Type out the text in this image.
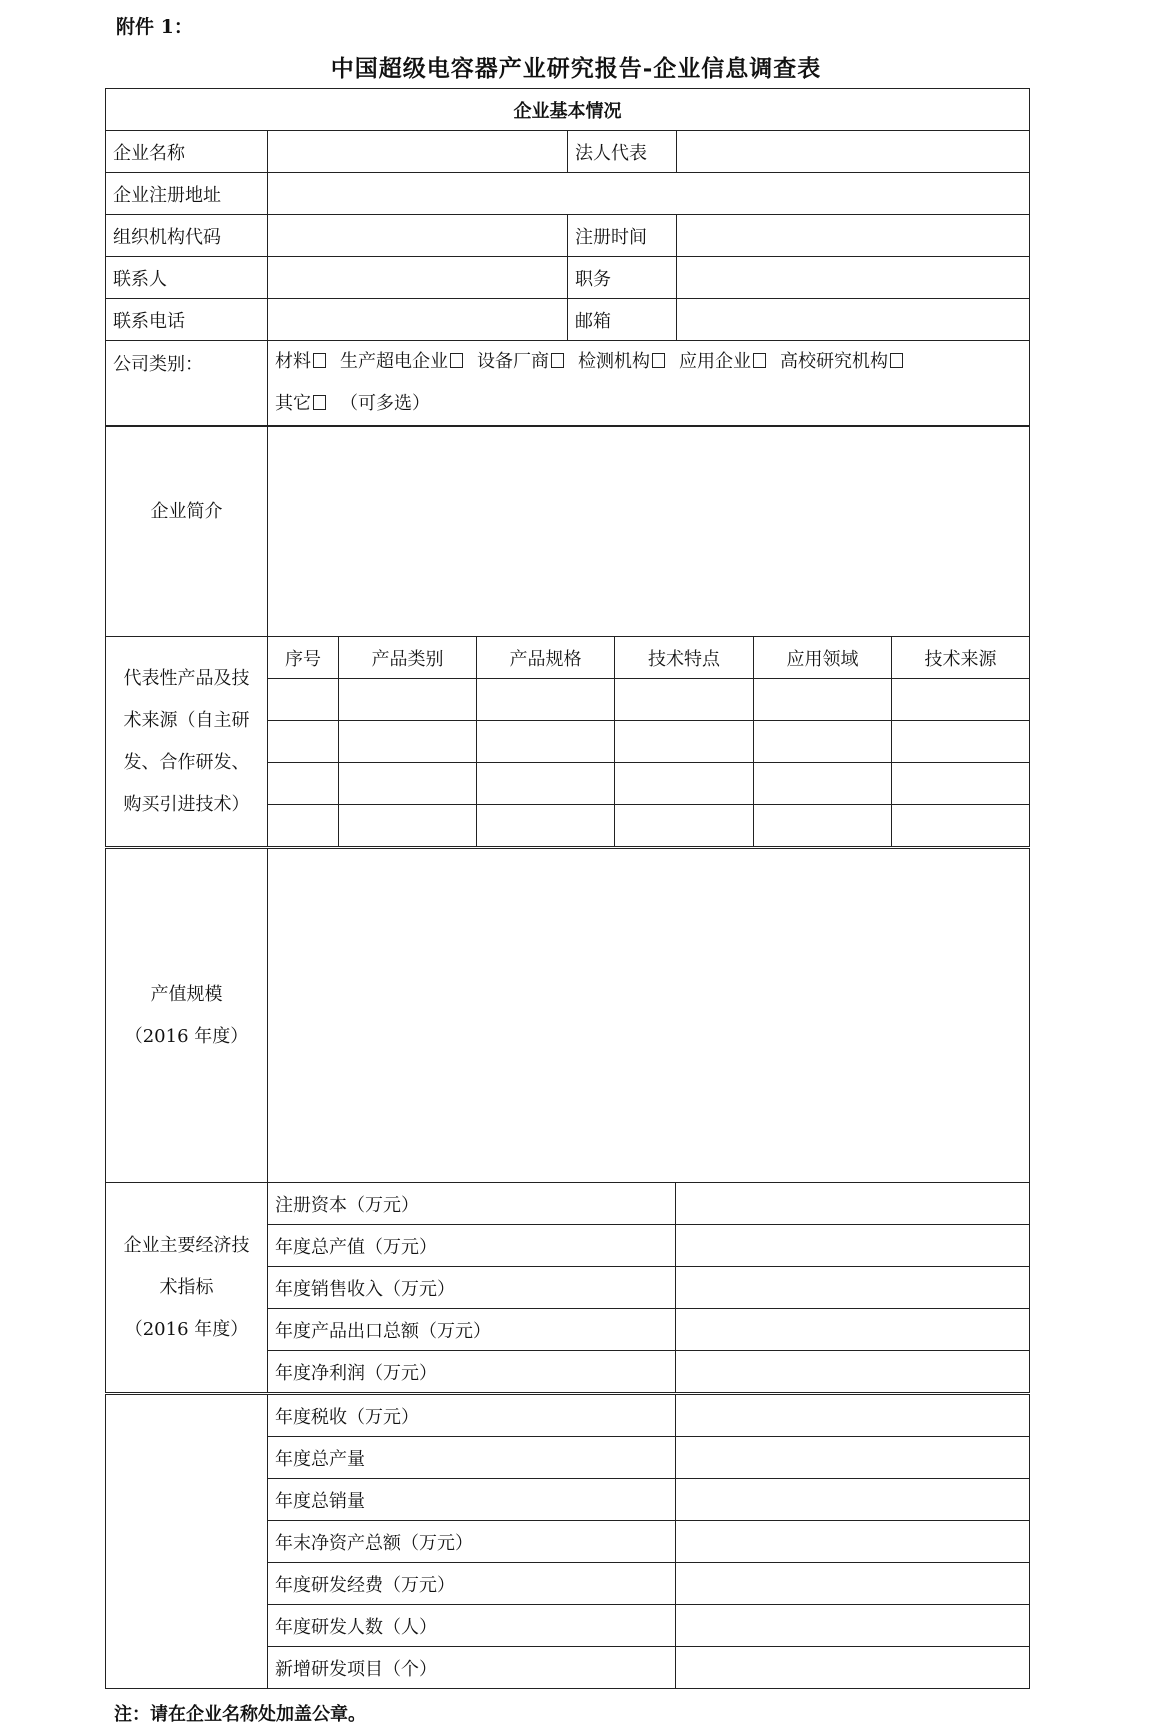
附件 1：
中国超级电容器产业研究报告-企业信息调查表
企业基本情况			
企业名称		法人代表	
企业注册地址			
组织机构代码		注册时间	
联系人		职务	
联系电话		邮箱	
公司类别：	材料 生产超电企业 设备厂商 检测机构 应用企业 高校研究机构
其它 （可多选）		
企业简介						
代表性产品及技
术来源（自主研
发、合作研发、
购买引进技术）	序号	产品类别	产品规格	技术特点	应用领域	技术来源

产值规模
（2016 年度）	
企业主要经济技
术指标
（2016 年度）	注册资本（万元）	
	年度总产值（万元）	
	年度销售收入（万元）	
	年度产品出口总额（万元）	
	年度净利润（万元）	
	年度税收（万元）	
	年度总产量	
	年度总销量	
	年末净资产总额（万元）	
	年度研发经费（万元）	
	年度研发人数（人）	
	新增研发项目（个）	
注：请在企业名称处加盖公章。
